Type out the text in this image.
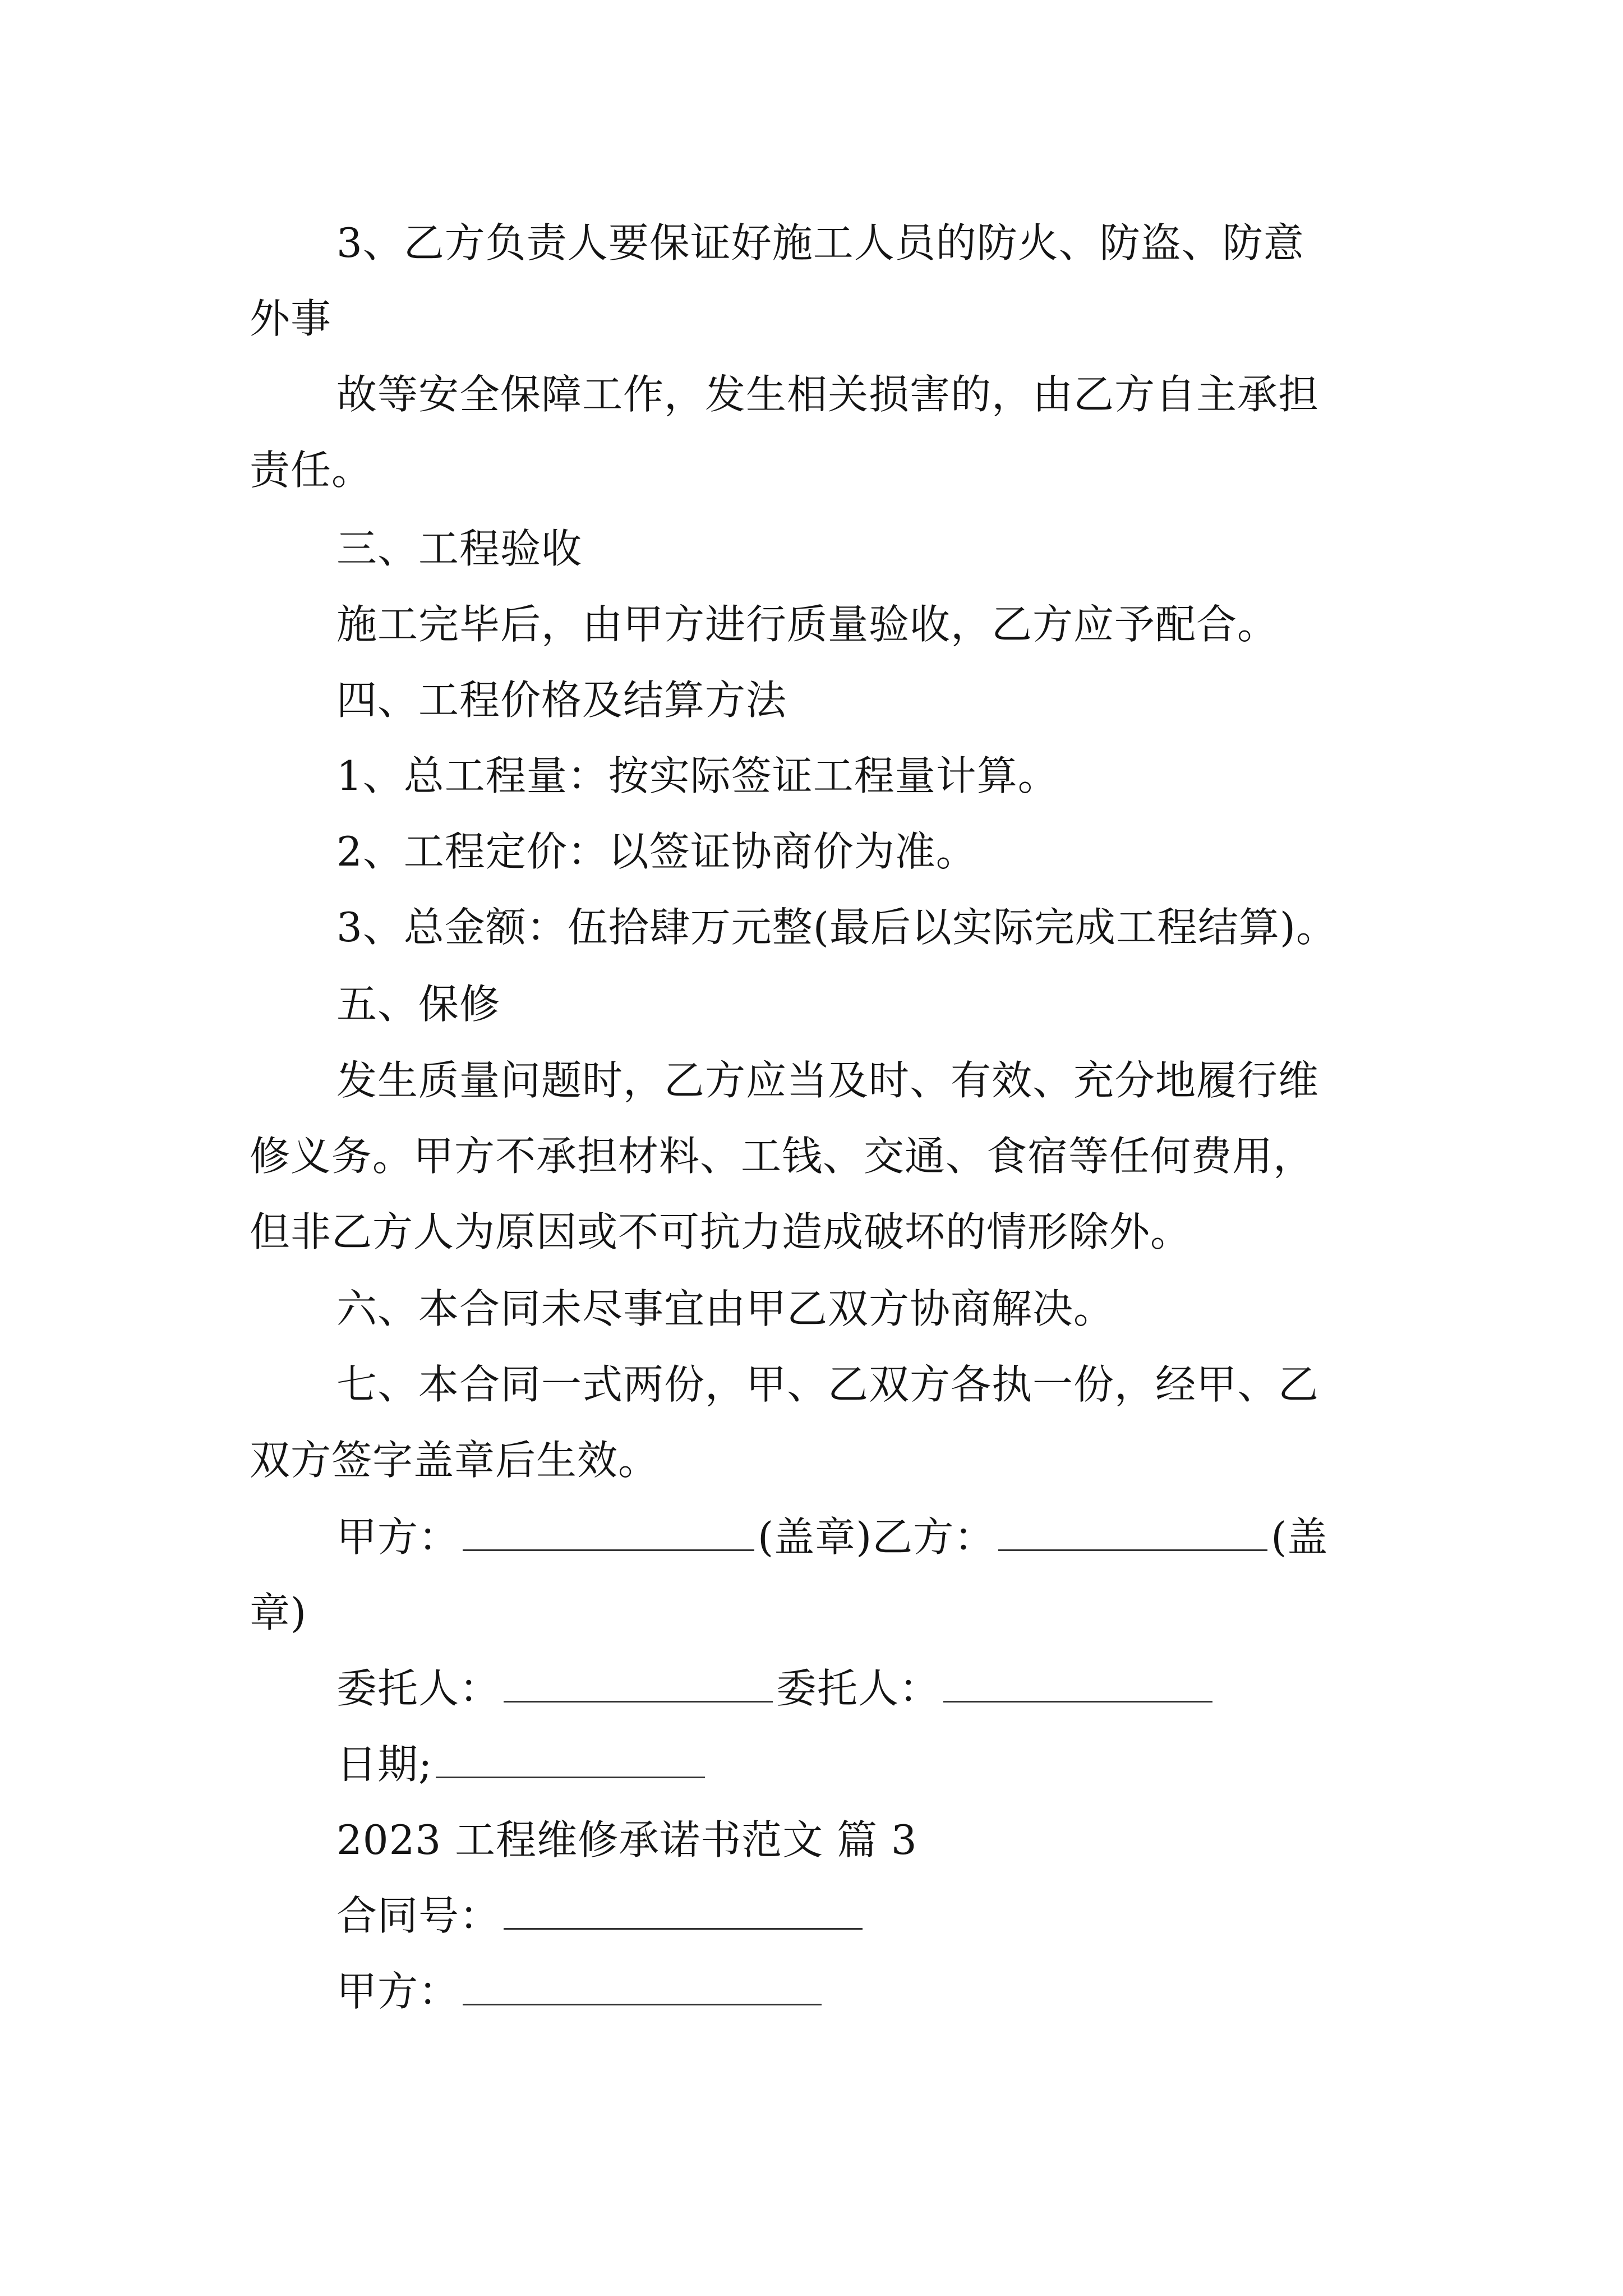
3、乙方负责人要保证好施工人员的防火、防盗、防意
外事
故等安全保障工作，发生相关损害的，由乙方自主承担
责任。
三、工程验收
施工完毕后，由甲方进行质量验收，乙方应予配合。
四、工程价格及结算方法
1、总工程量：按实际签证工程量计算。
2、工程定价：以签证协商价为准。
3、总金额：伍拾肆万元整(最后以实际完成工程结算)。
五、保修
发生质量问题时，乙方应当及时、有效、充分地履行维
修义务。甲方不承担材料、工钱、交通、食宿等任何费用，
但非乙方人为原因或不可抗力造成破坏的情形除外。
六、本合同未尽事宜由甲乙双方协商解决。
七、本合同一式两份，甲、乙双方各执一份，经甲、乙
双方签字盖章后生效。
甲方：	(盖章)乙方：	(盖
章)
委托人：	委托人：
日期;
2023 工程维修承诺书范文 篇 3
合同号：
甲方：
